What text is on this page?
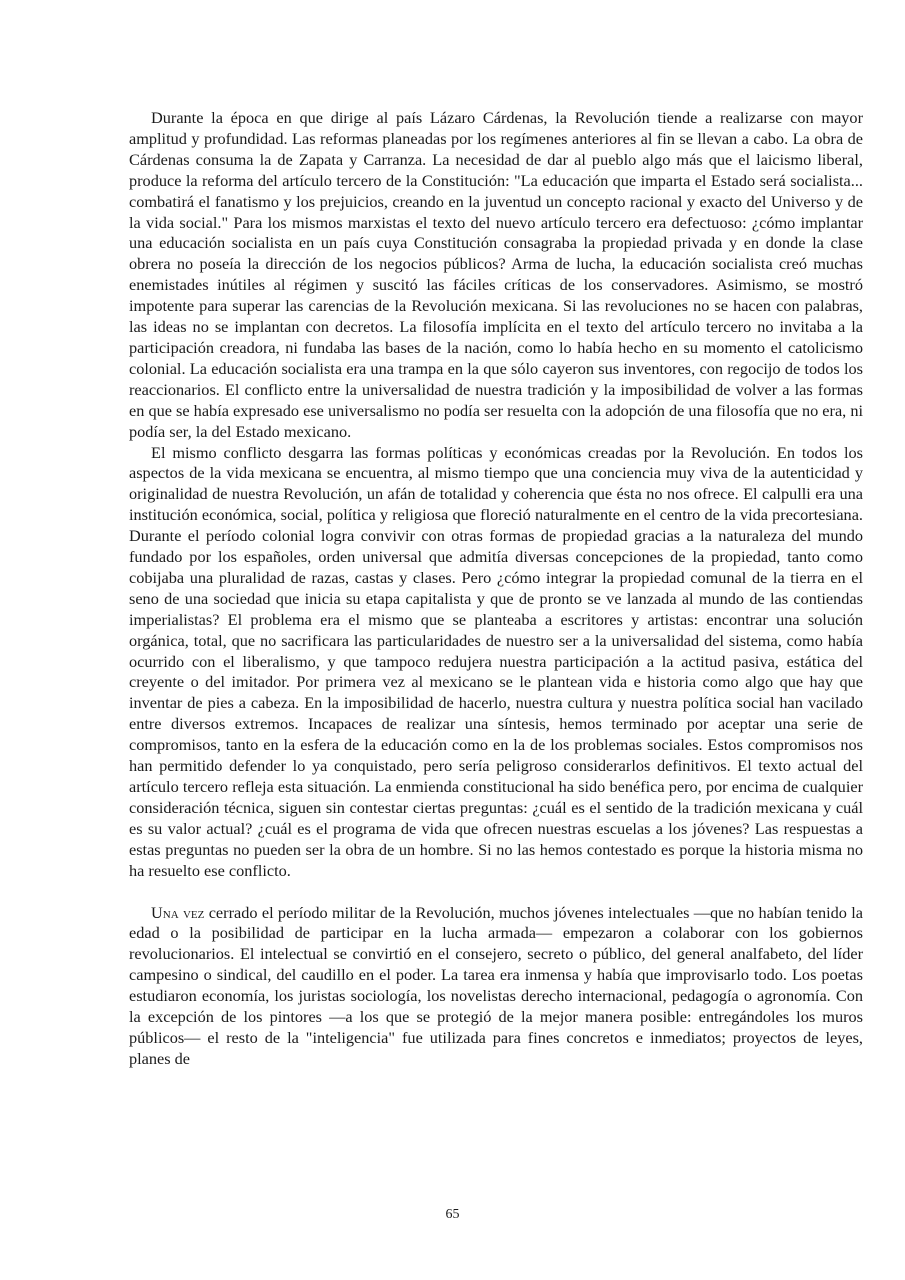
Durante la época en que dirige al país Lázaro Cárdenas, la Revolución tiende a realizarse con mayor amplitud y profundidad. Las reformas planeadas por los regímenes anteriores al fin se llevan a cabo. La obra de Cárdenas consuma la de Zapata y Carranza. La necesidad de dar al pueblo algo más que el laicismo liberal, produce la reforma del artículo tercero de la Constitución: "La educación que imparta el Estado será socialista... combatirá el fanatismo y los prejuicios, creando en la juventud un concepto racional y exacto del Universo y de la vida social." Para los mismos marxistas el texto del nuevo artículo tercero era defectuoso: ¿cómo implantar una educación socialista en un país cuya Constitución consagraba la propiedad privada y en donde la clase obrera no poseía la dirección de los negocios públicos? Arma de lucha, la educación socialista creó muchas enemistades inútiles al régimen y suscitó las fáciles críticas de los conservadores. Asimismo, se mostró impotente para superar las carencias de la Revolución mexicana. Si las revoluciones no se hacen con palabras, las ideas no se implantan con decretos. La filosofía implícita en el texto del artículo tercero no invitaba a la participación creadora, ni fundaba las bases de la nación, como lo había hecho en su momento el catolicismo colonial. La educación socialista era una trampa en la que sólo cayeron sus inventores, con regocijo de todos los reaccionarios. El conflicto entre la universalidad de nuestra tradición y la imposibilidad de volver a las formas en que se había expresado ese universalismo no podía ser resuelta con la adopción de una filosofía que no era, ni podía ser, la del Estado mexicano.

El mismo conflicto desgarra las formas políticas y económicas creadas por la Revolución. En todos los aspectos de la vida mexicana se encuentra, al mismo tiempo que una conciencia muy viva de la autenticidad y originalidad de nuestra Revolución, un afán de totalidad y coherencia que ésta no nos ofrece. El calpulli era una institución económica, social, política y religiosa que floreció naturalmente en el centro de la vida precortesiana. Durante el período colonial logra convivir con otras formas de propiedad gracias a la naturaleza del mundo fundado por los españoles, orden universal que admitía diversas concepciones de la propiedad, tanto como cobijaba una pluralidad de razas, castas y clases. Pero ¿cómo integrar la propiedad comunal de la tierra en el seno de una sociedad que inicia su etapa capitalista y que de pronto se ve lanzada al mundo de las contiendas imperialistas? El problema era el mismo que se planteaba a escritores y artistas: encontrar una solución orgánica, total, que no sacrificara las particularidades de nuestro ser a la universalidad del sistema, como había ocurrido con el liberalismo, y que tampoco redujera nuestra participación a la actitud pasiva, estática del creyente o del imitador. Por primera vez al mexicano se le plantean vida e historia como algo que hay que inventar de pies a cabeza. En la imposibilidad de hacerlo, nuestra cultura y nuestra política social han vacilado entre diversos extremos. Incapaces de realizar una síntesis, hemos terminado por aceptar una serie de compromisos, tanto en la esfera de la educación como en la de los problemas sociales. Estos compromisos nos han permitido defender lo ya conquistado, pero sería peligroso considerarlos definitivos. El texto actual del artículo tercero refleja esta situación. La enmienda constitucional ha sido benéfica pero, por encima de cualquier consideración técnica, siguen sin contestar ciertas preguntas: ¿cuál es el sentido de la tradición mexicana y cuál es su valor actual? ¿cuál es el programa de vida que ofrecen nuestras escuelas a los jóvenes? Las respuestas a estas preguntas no pueden ser la obra de un hombre. Si no las hemos contestado es porque la historia misma no ha resuelto ese conflicto.

Una vez cerrado el período militar de la Revolución, muchos jóvenes intelectuales —que no habían tenido la edad o la posibilidad de participar en la lucha armada— empezaron a colaborar con los gobiernos revolucionarios. El intelectual se convirtió en el consejero, secreto o público, del general analfabeto, del líder campesino o sindical, del caudillo en el poder. La tarea era inmensa y había que improvisarlo todo. Los poetas estudiaron economía, los juristas sociología, los novelistas derecho internacional, pedagogía o agronomía. Con la excepción de los pintores —a los que se protegió de la mejor manera posible: entregándoles los muros públicos— el resto de la "inteligencia" fue utilizada para fines concretos e inmediatos; proyectos de leyes, planes de

65
